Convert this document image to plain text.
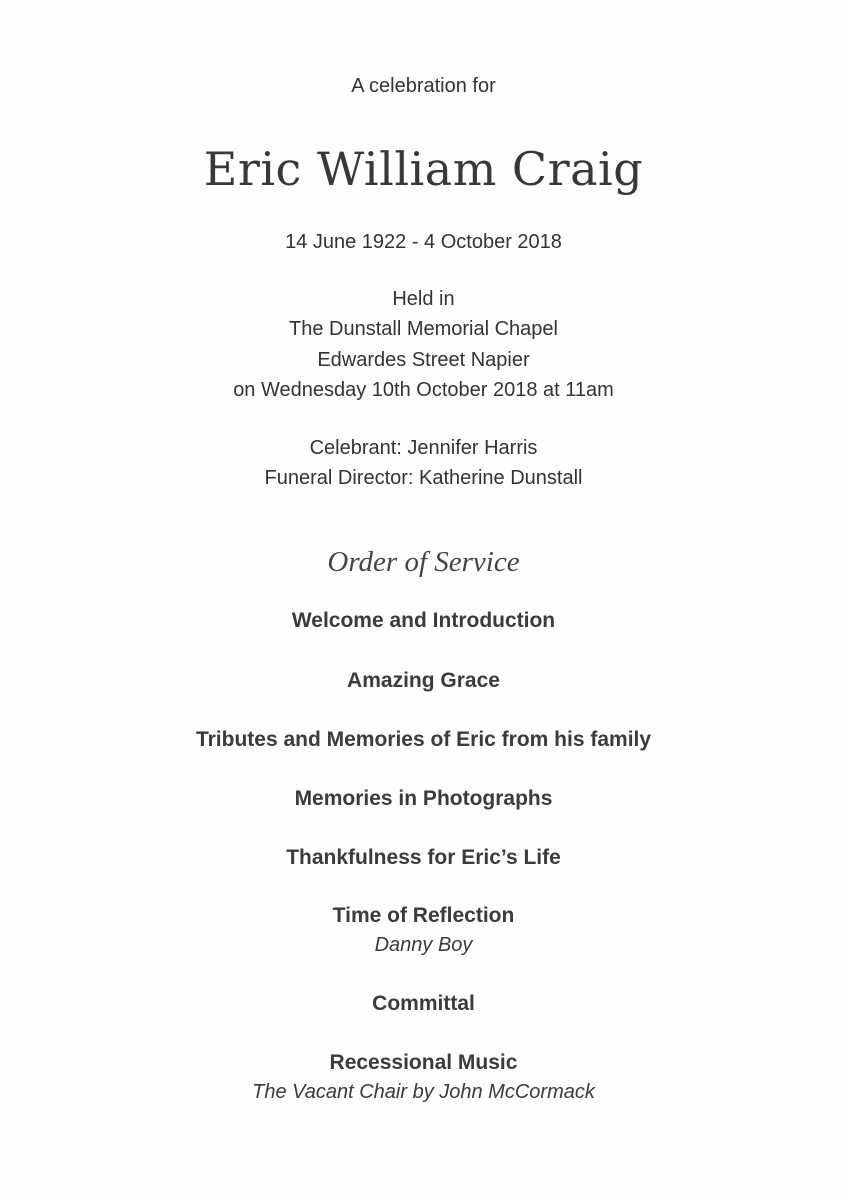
A celebration for
Eric William Craig
14 June 1922 - 4 October 2018
Held in
The Dunstall Memorial Chapel
Edwardes Street Napier
on Wednesday 10th October 2018 at 11am
Celebrant: Jennifer Harris
Funeral Director: Katherine Dunstall
Order of Service
Welcome and Introduction
Amazing Grace
Tributes and Memories of Eric from his family
Memories in Photographs
Thankfulness for Eric’s Life
Time of Reflection
Danny Boy
Committal
Recessional Music
The Vacant Chair by John McCormack
